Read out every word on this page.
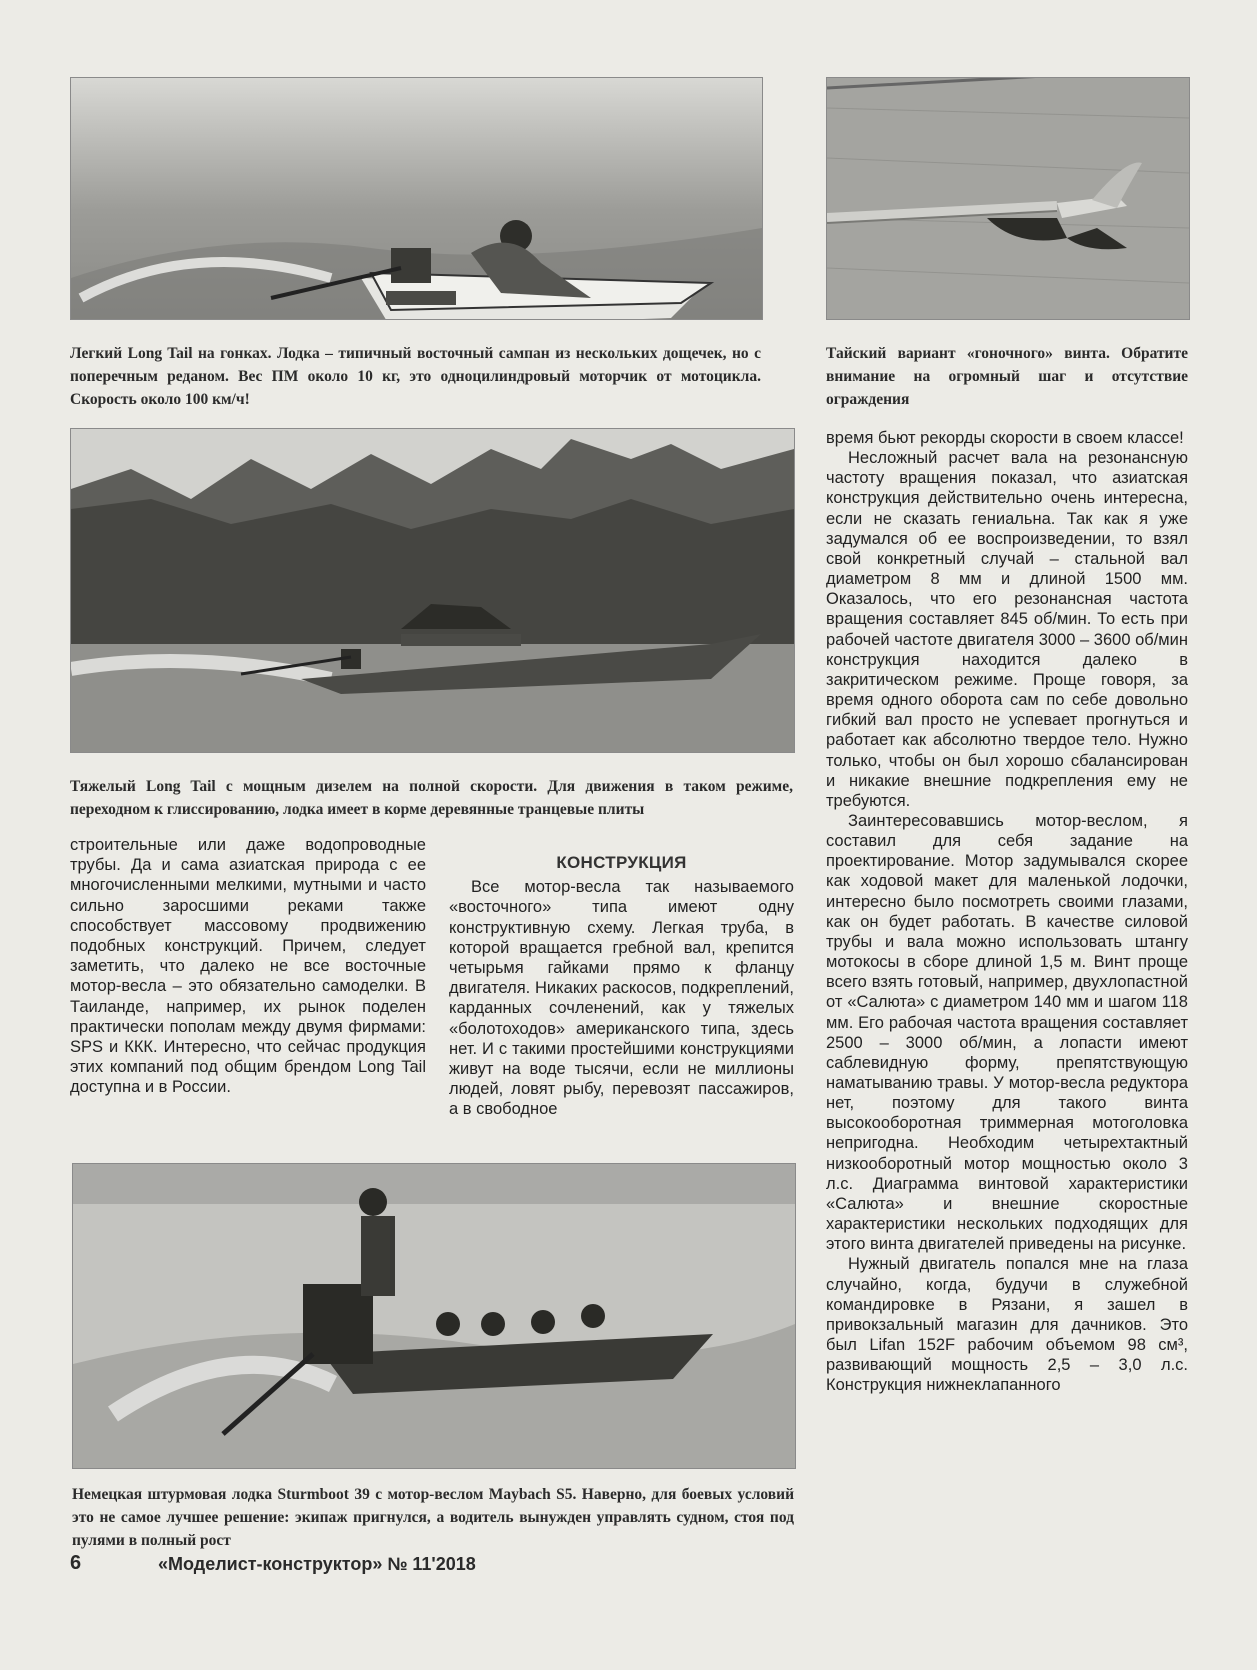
Легкий Long Tail на гонках. Лодка – типичный восточный сампан из нескольких дощечек, но с поперечным реданом. Вес ПМ около 10 кг, это одноцилиндровый моторчик от мотоцикла. Скорость около 100 км/ч!

Тайский вариант «гоночного» винта. Обратите внимание на огромный шаг и отсутствие ограждения

Тяжелый Long Tail с мощным дизелем на полной скорости. Для движения в таком режиме, переходном к глиссированию, лодка имеет в корме деревянные транцевые плиты

строительные или даже водопроводные трубы. Да и сама азиатская природа с ее многочисленными мелкими, мутными и часто сильно заросшими реками также способствует массовому продвижению подобных конструкций. Причем, следует заметить, что далеко не все восточные мотор-весла – это обязательно самоделки. В Таиланде, например, их рынок поделен практически пополам между двумя фирмами: SPS и ККК. Интересно, что сейчас продукция этих компаний под общим брендом Long Tail доступна и в России.

КОНСТРУКЦИЯ

Все мотор-весла так называемого «восточного» типа имеют одну конструктивную схему. Легкая труба, в которой вращается гребной вал, крепится четырьмя гайками прямо к фланцу двигателя. Никаких раскосов, подкреплений, карданных сочленений, как у тяжелых «болотоходов» американского типа, здесь нет. И с такими простейшими конструкциями живут на воде тысячи, если не миллионы людей, ловят рыбу, перевозят пассажиров, а в свободное

время бьют рекорды скорости в своем классе!

Несложный расчет вала на резонансную частоту вращения показал, что азиатская конструкция действительно очень интересна, если не сказать гениальна. Так как я уже задумался об ее воспроизведении, то взял свой конкретный случай – стальной вал диаметром 8 мм и длиной 1500 мм. Оказалось, что его резонансная частота вращения составляет 845 об/мин. То есть при рабочей частоте двигателя 3000 – 3600 об/мин конструкция находится далеко в закритическом режиме. Проще говоря, за время одного оборота сам по себе довольно гибкий вал просто не успевает прогнуться и работает как абсолютно твердое тело. Нужно только, чтобы он был хорошо сбалансирован и никакие внешние подкрепления ему не требуются.

Заинтересовавшись мотор-веслом, я составил для себя задание на проектирование. Мотор задумывался скорее как ходовой макет для маленькой лодочки, интересно было посмотреть своими глазами, как он будет работать. В качестве силовой трубы и вала можно использовать штангу мотокосы в сборе длиной 1,5 м. Винт проще всего взять готовый, например, двухлопастной от «Салюта» с диаметром 140 мм и шагом 118 мм. Его рабочая частота вращения составляет 2500 – 3000 об/мин, а лопасти имеют саблевидную форму, препятствующую наматыванию травы. У мотор-весла редуктора нет, поэтому для такого винта высокооборотная триммерная мотоголовка непригодна. Необходим четырехтактный низкооборотный мотор мощностью около 3 л.с. Диаграмма винтовой характеристики «Салюта» и внешние скоростные характеристики нескольких подходящих для этого винта двигателей приведены на рисунке.

Нужный двигатель попался мне на глаза случайно, когда, будучи в служебной командировке в Рязани, я зашел в привокзальный магазин для дачников. Это был Lifan 152F рабочим объемом 98 см³, развивающий мощность 2,5 – 3,0 л.с. Конструкция нижнеклапанного

Немецкая штурмовая лодка Sturmboot 39 с мотор-веслом Maybach S5. Наверно, для боевых условий это не самое лучшее решение: экипаж пригнулся, а водитель вынужден управлять судном, стоя под пулями в полный рост

6	«Моделист-конструктор» № 11'2018
